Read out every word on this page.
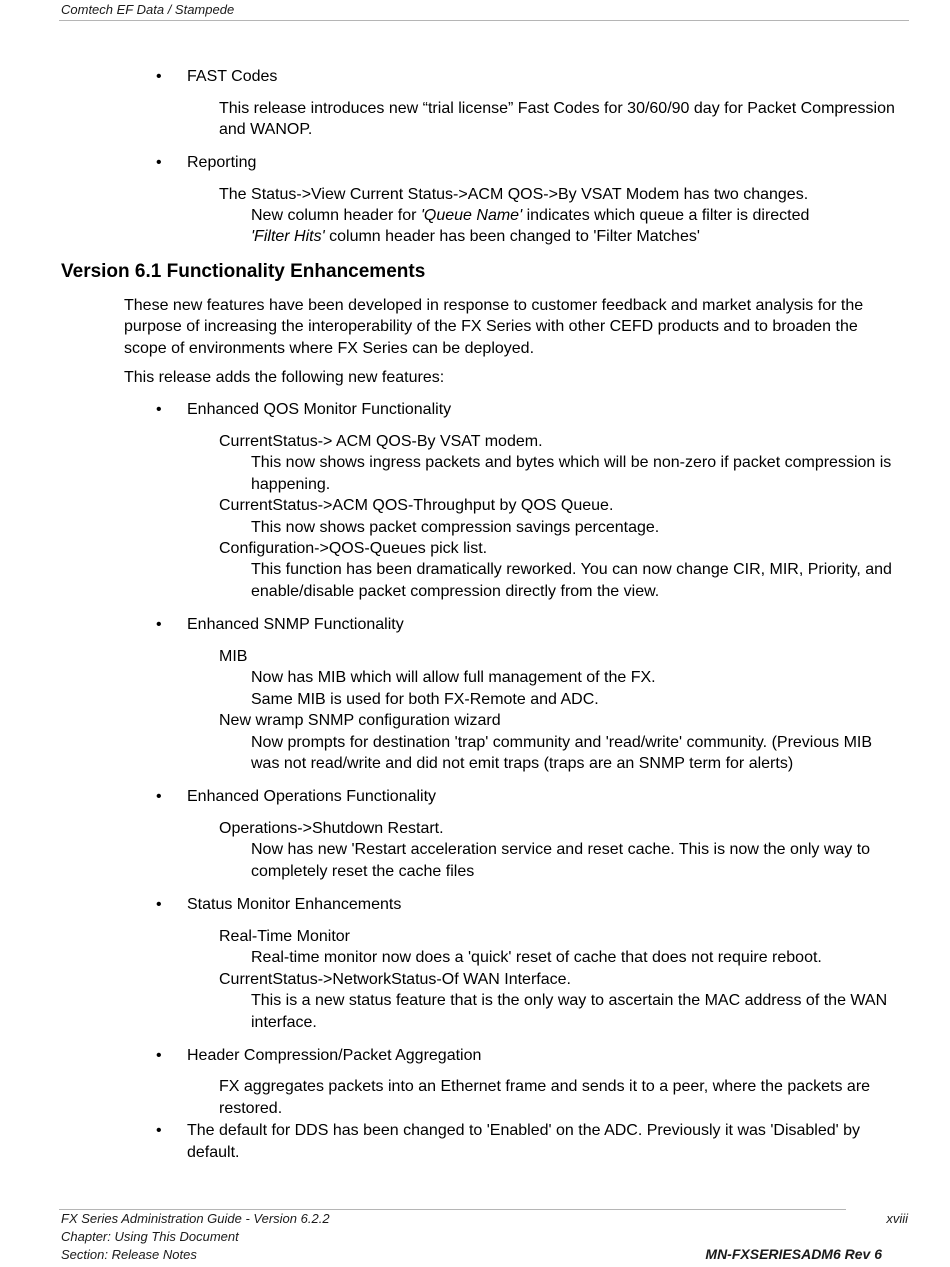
Comtech EF Data / Stampede
• FAST Codes

This release introduces new “trial license” Fast Codes for 30/60/90 day for Packet Compression

and WANOP.

• Reporting

The Status->View Current Status->ACM QOS->By VSAT Modem has two changes.

New column header for 'Queue Name' indicates which queue a filter is directed

'Filter Hits' column header has been changed to 'Filter Matches'

Version 6.1 Functionality Enhancements

These new features have been developed in response to customer feedback and market analysis for the

purpose of increasing the interoperability of the FX Series with other CEFD products and to broaden the

scope of environments where FX Series can be deployed.

This release adds the following new features:

• Enhanced QOS Monitor Functionality

CurrentStatus-> ACM QOS-By VSAT modem.

This now shows ingress packets and bytes which will be non-zero if packet compression is

happening.

CurrentStatus->ACM QOS-Throughput by QOS Queue.

This now shows packet compression savings percentage.

Configuration->QOS-Queues pick list.

This function has been dramatically reworked. You can now change CIR, MIR, Priority, and

enable/disable packet compression directly from the view.

• Enhanced SNMP Functionality

MIB

Now has MIB which will allow full management of the FX.

Same MIB is used for both FX-Remote and ADC.

New wramp SNMP configuration wizard

Now prompts for destination 'trap' community and 'read/write' community. (Previous MIB

was not read/write and did not emit traps (traps are an SNMP term for alerts)

• Enhanced Operations Functionality

Operations->Shutdown Restart.

Now has new 'Restart acceleration service and reset cache. This is now the only way to

completely reset the cache files

• Status Monitor Enhancements

Real-Time Monitor

Real-time monitor now does a 'quick' reset of cache that does not require reboot.

CurrentStatus->NetworkStatus-Of WAN Interface.

This is a new status feature that is the only way to ascertain the MAC address of the WAN

interface.

• Header Compression/Packet Aggregation

FX aggregates packets into an Ethernet frame and sends it to a peer, where the packets are

restored.

• The default for DDS has been changed to 'Enabled' on the ADC. Previously it was 'Disabled' by

default.

FX Series Administration Guide - Version 6.2.2
Chapter: Using This Document
Section: Release Notes
xviii
MN-FXSERIESADM6 Rev 6
